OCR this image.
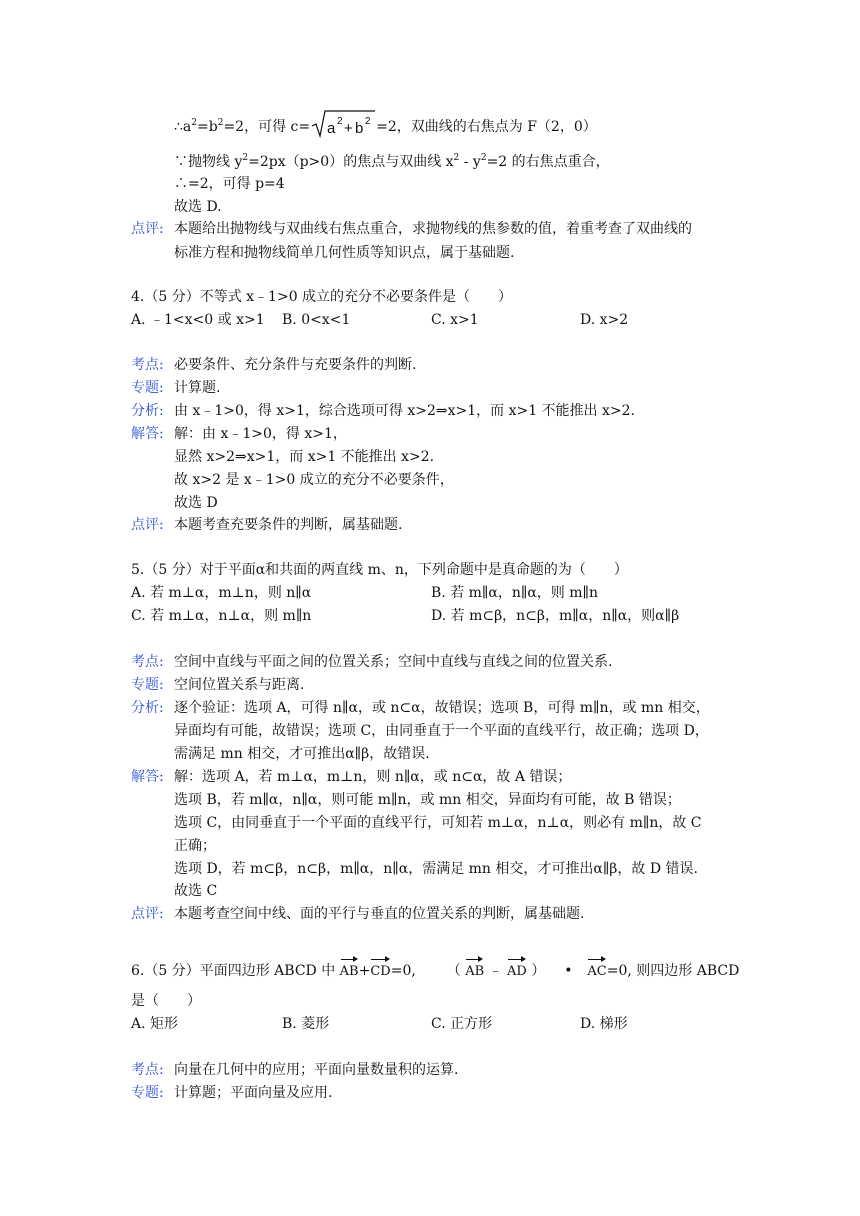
$\therefore a^2=b^2=2$，可得 c= a 2 + b 2 =2，双曲线的右焦点为 F（2，0）
∵抛物线 $y^2=2px(p>0)$的焦点与双曲线 $x^2 - y^2=2$ 的右焦点重合，
∴=2，可得 p=4
故选 D.
点评: 本题给出抛物线与双曲线右焦点重合，求抛物线的焦参数的值，着重考查了双曲线的
标准方程和抛物线简单几何性质等知识点，属于基础题.
4.（5 分）不等式 x﹣1>0 成立的充分不必要条件是（　　）
A. ﹣1<x<0 或 x>1 B. 0<x<1	C. x>1	D. x>2
考点: 必要条件、充分条件与充要条件的判断.
专题: 计算题.
分析: 由 x﹣1>0，得 x>1，综合选项可得 x>2⇒x>1，而 x>1 不能推出 x>2.
解答: 解：由 x﹣1>0，得 x>1，
显然 x>2⇒x>1，而 x>1 不能推出 x>2.
故 x>2 是 x﹣1>0 成立的充分不必要条件，
故选 D
点评: 本题考查充要条件的判断，属基础题.
5.（5 分）对于平面α和共面的两直线 m、n，下列命题中是真命题的为（　　）
A. 若 m⊥α，m⊥n，则 n∥α	B. 若 m∥α，n∥α，则 m∥n
C. 若 m⊥α，n⊥α，则 m∥n	D. 若 m⊂β，n⊂β，m∥α，n∥α，则α∥β
考点: 空间中直线与平面之间的位置关系；空间中直线与直线之间的位置关系.
专题: 空间位置关系与距离.
分析: 逐个验证：选项 A，可得 n∥α，或 n⊂α，故错误；选项 B，可得 m∥n，或 mn 相交，
异面均有可能，故错误；选项 C，由同垂直于一个平面的直线平行，故正确；选项 D，
需满足 mn 相交，才可推出α∥β，故错误.
解答: 解：选项 A，若 m⊥α，m⊥n，则 n∥α，或 n⊂α，故 A 错误；
选项 B，若 m∥α，n∥α，则可能 m∥n，或 mn 相交，异面均有可能，故 B 错误；
选项 C，由同垂直于一个平面的直线平行，可知若 m⊥α，n⊥α，则必有 m∥n，故 C
正确；
选项 D，若 m⊂β，n⊂β，m∥α，n∥α，需满足 mn 相交，才可推出α∥β，故 D 错误.
故选 C
点评: 本题考查空间中线、面的平行与垂直的位置关系的判断，属基础题.
6.（5 分）平面四边形 ABCD 中 AB+CD=0, （ AB ﹣ AD ） • AC=0, 则四边形 ABCD
是（　　）
A. 矩形	B. 菱形	C. 正方形	D. 梯形
考点: 向量在几何中的应用；平面向量数量积的运算.
专题: 计算题；平面向量及应用.
